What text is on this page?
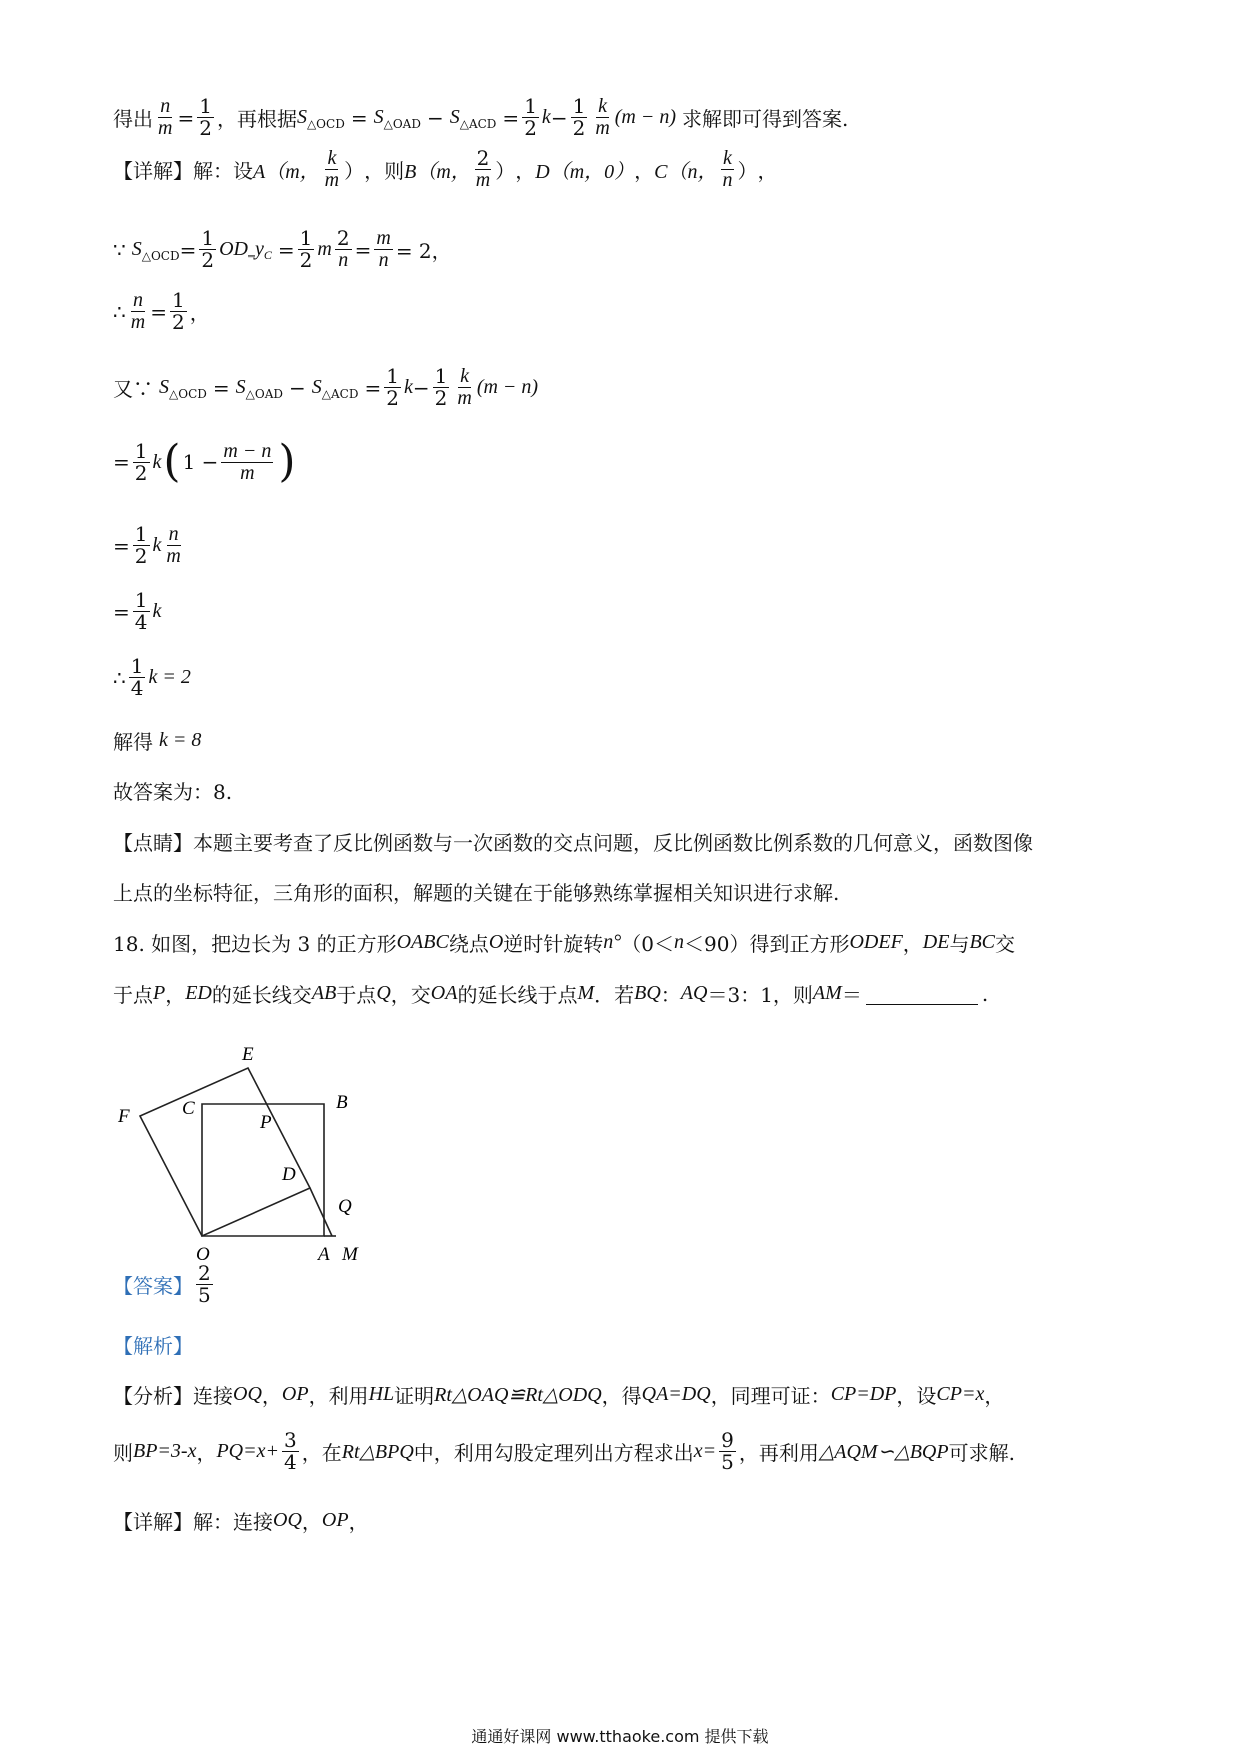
得出 $\frac{n}{m} = \frac{1}{2}$ ，再根据 S △OCD = S △OAD − S △ACD = $\frac{1}{2}$ $k - \frac{1}{2} \frac{k}{m} (m - n)$ 求解即可得到答案.
【详解】 解：设 A（m， $\frac{k}{m}$ ） ，则 B（m， $\frac{2}{m}$ ） ， D（m，0） ， C（n， $\frac{k}{n}$ ） ，
∵ S △OCD = $\frac{1}{2}$ OD ‗ y $C = \frac{1}{2}$ m $\frac{2}{n} = \frac{m}{n} = 2$，
∴ $\frac{n}{m} = \frac{1}{2}$ ，
又∵ S △OCD = S △OAD − S △ACD = $\frac{1}{2}$ $k - \frac{1}{2} \frac{k}{m} (m - n)$
= $\frac{1}{2}$ k ( $1 - \frac{m - n}{m}$ )
= $\frac{1}{2}$ k $\frac{n}{m}$
= $\frac{1}{4}$ k
∴ $\frac{1}{4}$ k = 2
解得 k = 8
故答案为：8.
【点睛】 本题主要考查了反比例函数与一次函数的交点问题，反比例函数比例系数的几何意义，函数图像
上点的坐标特征，三角形的面积，解题的关键在于能够熟练掌握相关知识进行求解.
18. 如图，把边长为 3 的正方形 OABC 绕点 O 逆时针旋转 n° （0＜ n ＜90）得到正方形 ODEF ， DE 与 BC 交
于点 P ， ED 的延长线交 AB 于点 Q ，交 OA 的延长线于点 M ．若 BQ ： AQ ＝3：1，则 AM ＝	.
E
F	C	B
P
D
Q
O	A M
【答案】 $\frac{2}{5}$
【解析】
【分析】 连接 OQ ， OP ，利用 HL 证明 Rt△OAQ≌Rt△ODQ ，得 QA=DQ ，同理可证： CP=DP ，设 CP=x ，
则 BP=3-x ， $PQ=x+ \frac{3}{4}$ ，在 Rt△BPQ 中，利用勾股定理列出方程求出 $x= \frac{9}{5}$ ，再利用 △AQM∽△BQP 可求解.
【详解】 解：连接 OQ ， OP ，
通通好课网 www.tthaoke.com 提供下载
